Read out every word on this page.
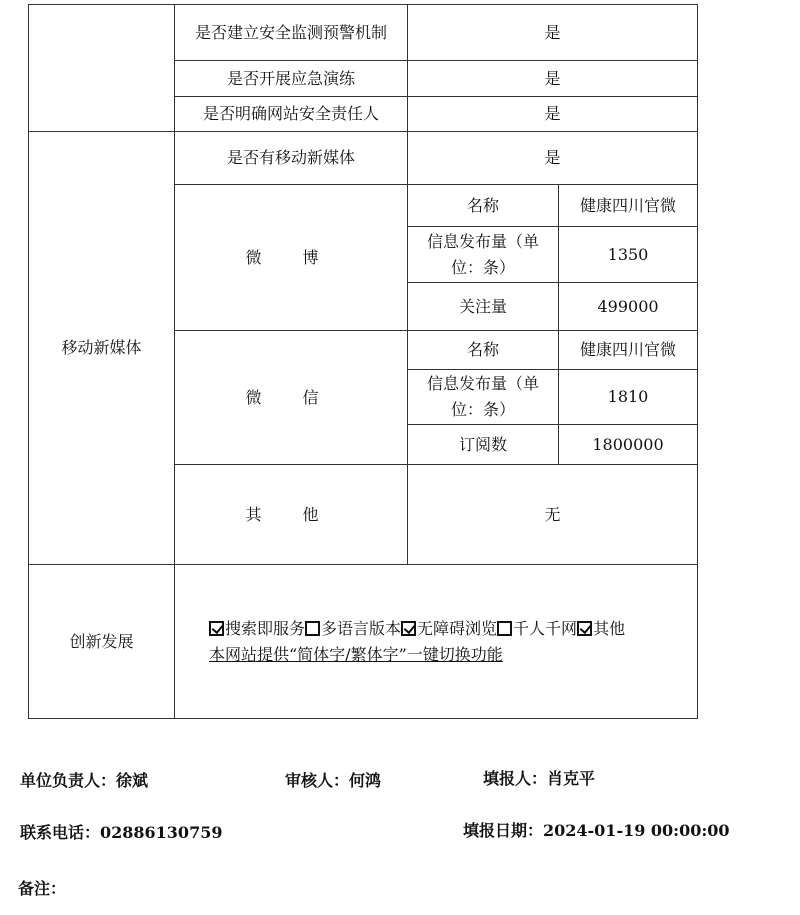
	是否建立安全监测预警机制	是	
	是否开展应急演练	是	
	是否明确网站安全责任人	是	
移动新媒体	是否有移动新媒体	是	
	微 博	名称	健康四川官微
		信息发布量（单位：条）	1350
		关注量	499000
	微 信	名称	健康四川官微
		信息发布量（单位：条）	1810
		订阅数	1800000
	其 他	无	
创新发展	搜索即服务 多语言版本 无障碍浏览 千人千网 其他
本网站提供“简体字/繁体字”一键切换功能		
单位负责人：徐斌	审核人：何鸿	填报人：肖克平
联系电话：02886130759	填报日期：2024-01-19 00:00:00
备注：
